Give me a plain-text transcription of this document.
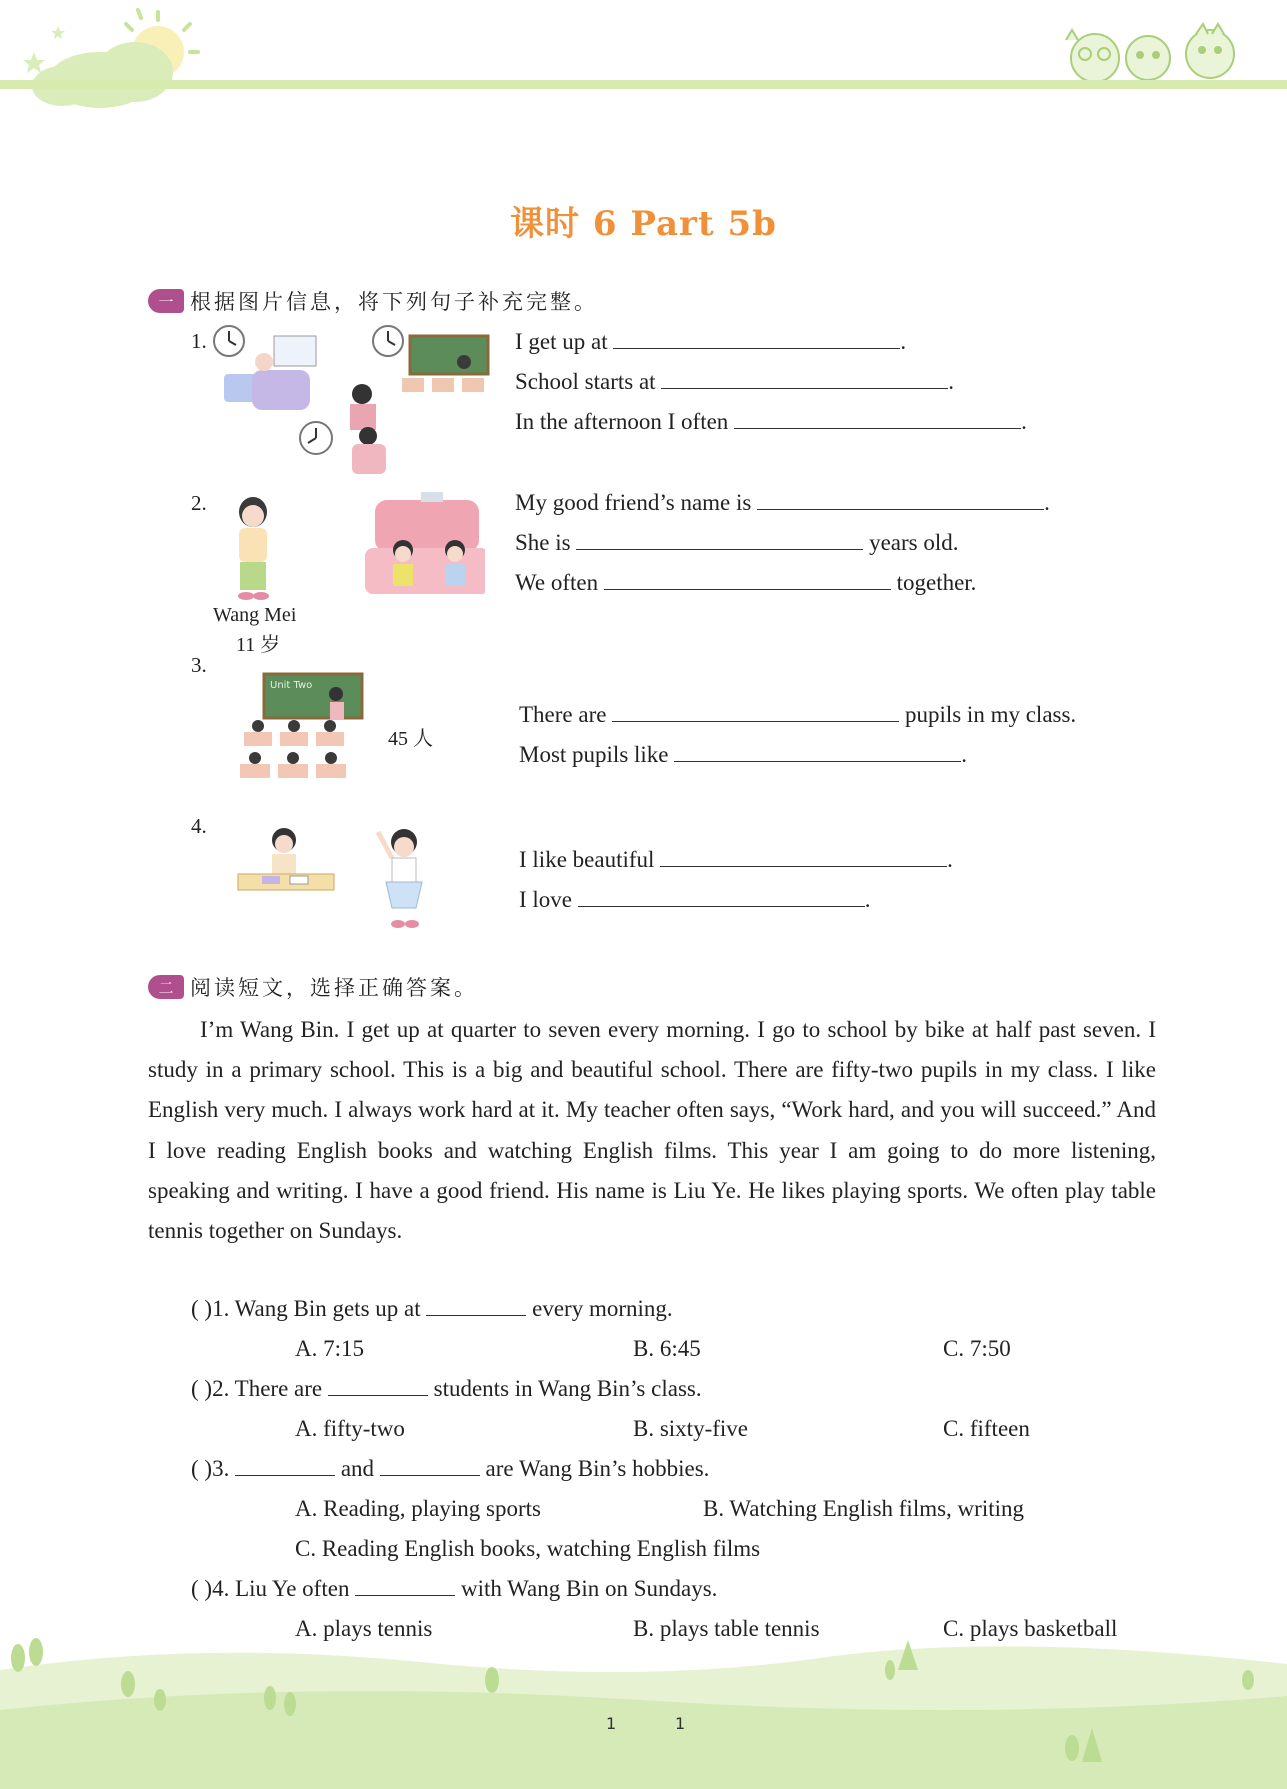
课时 6 Part 5b
一 根据图片信息，将下列句子补充完整。
1.	I get up at	.
School starts at	.
In the afternoon I often	.
2.
Wang Mei
11 岁
My good friend’s name is	.
She is	years old.
We often	together.
3.
Unit Two
45 人
There are	pupils in my class.
Most pupils like	.
4.
I like beautiful	.
I love	.
二 阅读短文，选择正确答案。
I’m Wang Bin. I get up at quarter to seven every morning. I go to school by bike at half past seven. I study in a primary school. This is a big and beautiful school. There are fifty-two pupils in my class. I like English very much. I always work hard at it. My teacher often says, “Work hard, and you will succeed.” And I love reading English books and watching English films. This year I am going to do more listening, speaking and writing. I have a good friend. His name is Liu Ye. He likes playing sports. We often play table tennis together on Sundays.
( )1. Wang Bin gets up at	every morning.
A. 7:15	B. 6:45	C. 7:50
( )2. There are	students in Wang Bin’s class.
A. fifty-two	B. sixty-five	C. fifteen
( )3.	and	are Wang Bin’s hobbies.
A. Reading, playing sports	B. Watching English films, writing
C. Reading English books, watching English films
( )4. Liu Ye often	with Wang Bin on Sundays.
A. plays tennis	B. plays table tennis	C. plays basketball
1	1
